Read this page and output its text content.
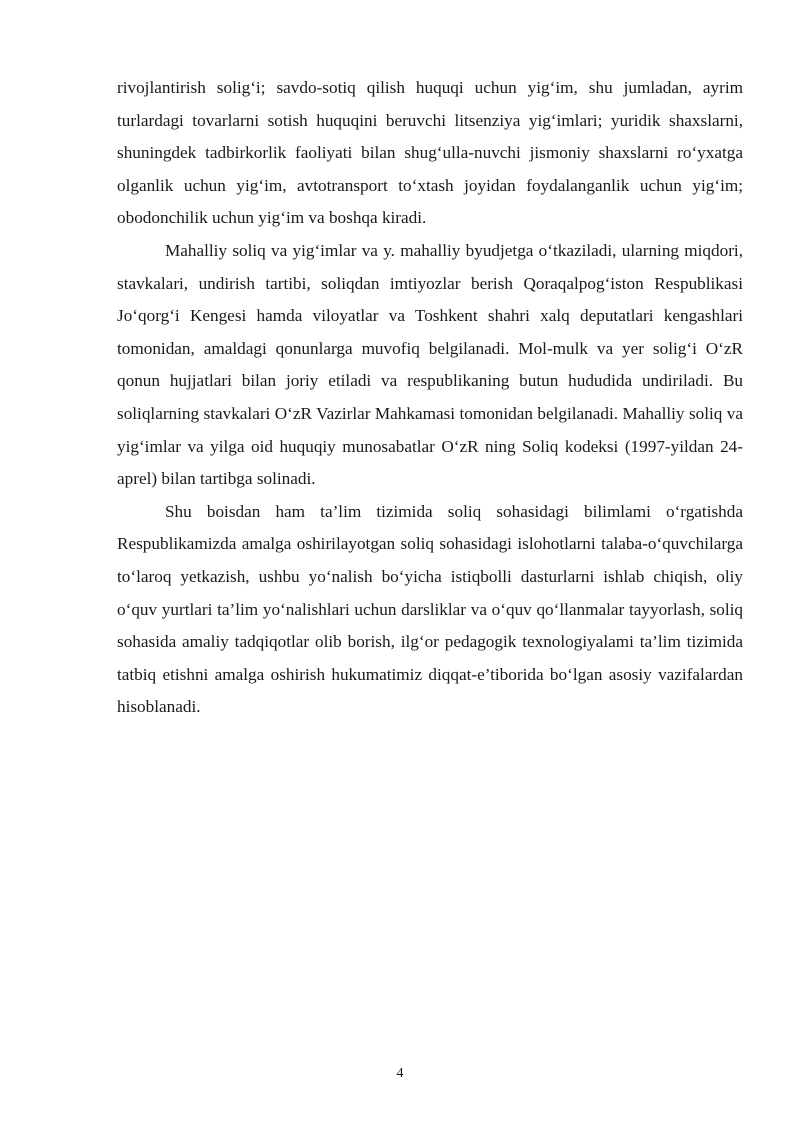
rivojlantirish solig‘i; savdo-sotiq qilish huquqi uchun yig‘im, shu jumladan, ayrim turlardagi tovarlarni sotish huquqini beruvchi litsenziya yig‘imlari; yuridik shaxslarni, shuningdek tadbirkorlik faoliyati bilan shug‘ulla-nuvchi jismoniy shaxslarni ro‘yxatga olganlik uchun yig‘im, avtotransport to‘xtash joyidan foydalanganlik uchun yig‘im; obodonchilik uchun yig‘im va boshqa kiradi.

Mahalliy soliq va yig‘imlar va y. mahalliy byudjetga o‘tkaziladi, ularning miqdori, stavkalari, undirish tartibi, soliqdan imtiyozlar berish Qoraqalpog‘iston Respublikasi Jo‘qorg‘i Kengesi hamda viloyatlar va Toshkent shahri xalq deputatlari kengashlari tomonidan, amaldagi qonunlarga muvofiq belgilanadi. Mol-mulk va yer solig‘i O‘zR qonun hujjatlari bilan joriy etiladi va respublikaning butun hududida undiriladi. Bu soliqlarning stavkalari O‘zR Vazirlar Mahkamasi tomonidan belgilanadi. Mahalliy soliq va yig‘imlar va yilga oid huquqiy munosabatlar O‘zR ning Soliq kodeksi (1997-yildan 24-aprel) bilan tartibga solinadi.

Shu boisdan ham ta’lim tizimida soliq sohasidagi bilimlami o‘rgatishda Respublikamizda amalga oshirilayotgan soliq sohasidagi islohotlarni talaba-o‘quvchilarga to‘laroq yetkazish, ushbu yo‘nalish bo‘yicha istiqbolli dasturlarni ishlab chiqish, oliy o‘quv yurtlari ta’lim yo‘nalishlari uchun darsliklar va o‘quv qo‘llanmalar tayyorlash, soliq sohasida amaliy tadqiqotlar olib borish, ilg‘or pedagogik texnologiyalami ta’lim tizimida tatbiq etishni amalga oshirish hukumatimiz diqqat-e’tiborida bo‘lgan asosiy vazifalardan hisoblanadi.

4
